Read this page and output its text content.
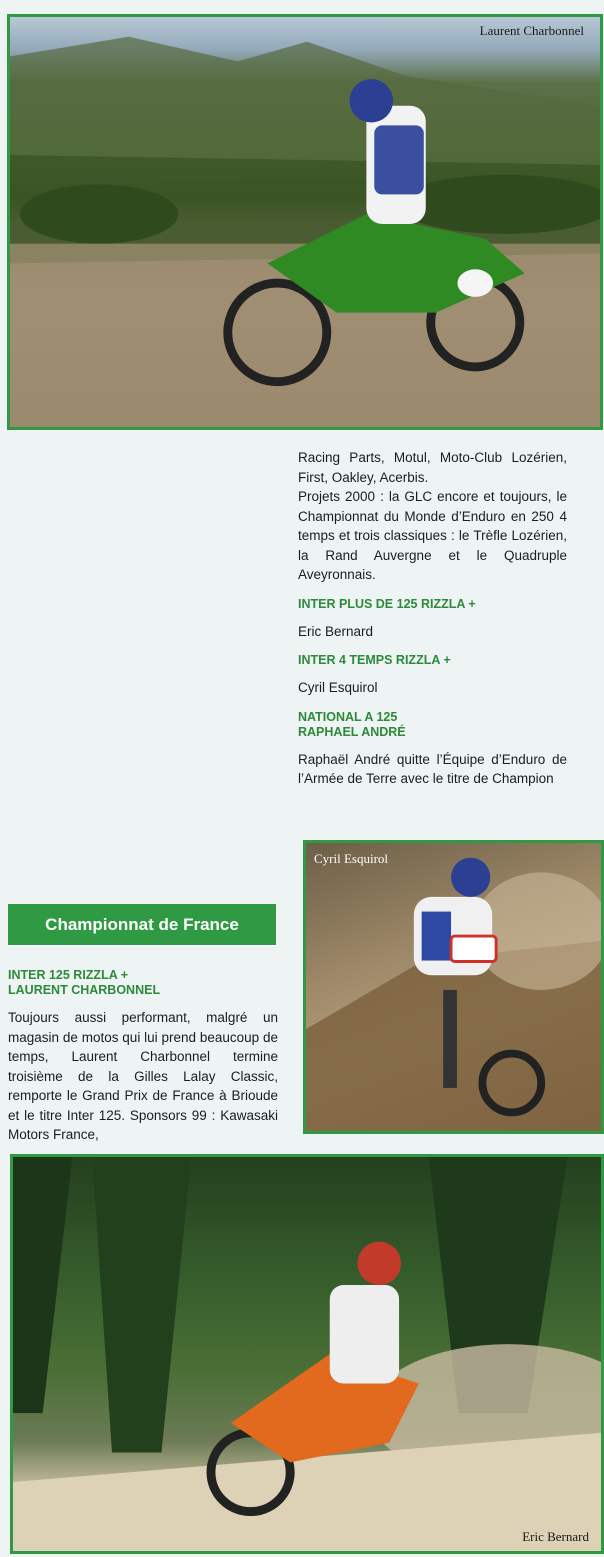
Laurent Charbonnel

Racing Parts, Motul, Moto-Club Lozérien, First, Oakley, Acerbis.

Projets 2000 : la GLC encore et toujours, le Championnat du Monde d’Enduro en 250 4 temps et trois classiques : le Trèfle Lozérien, la Rand Auvergne et le Quadruple Aveyronnais.

INTER PLUS DE 125 RIZZLA +

Eric Bernard

INTER 4 TEMPS RIZZLA +

Cyril Esquirol

NATIONAL A 125
RAPHAEL ANDRÉ

Raphaël André quitte l’Équipe d’Enduro de l’Armée de Terre avec le titre de Champion

Cyril Esquirol
Championnat de France
INTER 125 RIZZLA +
LAURENT CHARBONNEL

Toujours aussi performant, malgré un magasin de motos qui lui prend beaucoup de temps, Laurent Charbonnel termine troisième de la Gilles Lalay Classic, remporte le Grand Prix de France à Brioude et le titre Inter 125. Sponsors 99 : Kawasaki Motors France,

Eric Bernard
